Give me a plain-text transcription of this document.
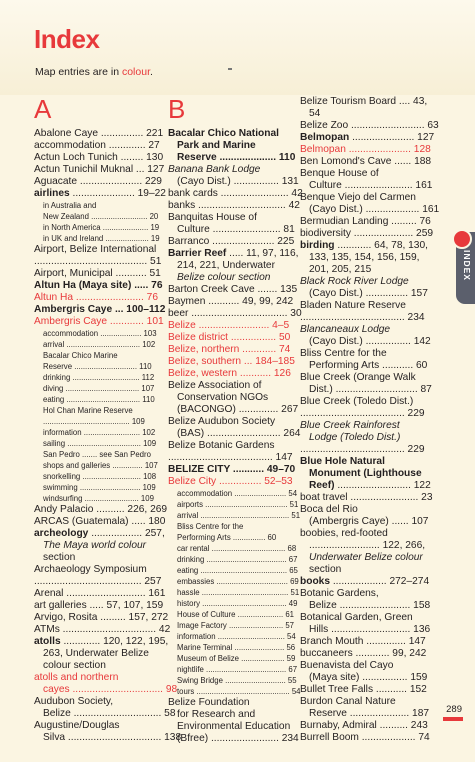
Index
Map entries are in colour.
A
Abalone Caye ............... 221
accommodation ............. 27
Actun Loch Tunich ........ 130
Actun Tunichil Muknal ... 127
Aguacate ...................... 229
airlines ...................... 19–22
in Australia and
New Zealand .......................... 20
in North America ..................... 19
in UK and Ireland .................... 19
Airport, Belize International
........................................ 51
Airport, Municipal ........... 51
Altun Ha (Maya site) ..... 76
Altun Ha ........................ 76
Ambergris Caye ... 100–112
Ambergris Caye ............ 101
accommodation ................... 103
arrival .................................. 102
Bacalar Chico Marine
Reserve ............................. 110
drinking ............................... 112
diving .................................. 107
eating .................................. 110
Hol Chan Marine Reserve
........................................ 109
information .......................... 102
sailing .................................. 109
San Pedro ....... see San Pedro
shops and galleries .............. 107
snorkelling ........................... 108
swimming ............................ 109
windsurfing ......................... 109
Andy Palacio .......... 226, 269
ARCAS (Guatemala) ..... 180
archeology .................. 257,
The Maya world colour
section
Archaeology Symposium
...................................... 257
Arenal ............................ 161
art galleries ..... 57, 107, 159
Arvigo, Rosita ......... 157, 272
ATMs ................................. 42
atolls ............. 120, 122, 195,
263, Underwater Belize
colour section
atolls and northern
cayes ................................ 98
Audubon Society,
Belize ............................... 58
Augustine/Douglas
Silva ................................. 138
B
Bacalar Chico National
Park and Marine
Reserve .................... 110
Banana Bank Lodge
(Cayo Dist.) ................ 131
bank cards ........................ 42
banks ............................... 42
Banquitas House of
Culture ........................ 81
Barranco ...................... 225
Barrier Reef ..... 11, 97, 116,
214, 221, Underwater
Belize colour section
Barton Creek Cave ....... 135
Baymen ........... 49, 99, 242
beer .................................. 30
Belize ......................... 4–5
Belize district ................ 50
Belize, northern ............ 74
Belize, southern ... 184–185
Belize, western ........... 126
Belize Association of
Conservation NGOs
(BACONGO) .............. 267
Belize Audubon Society
(BAS) .......................... 264
Belize Botanic Gardens
..................................... 147
BELIZE CITY ........... 49–70
Belize City ............... 52–53
accommodation ........................ 54
airports ...................................... 51
arrival ......................................... 51
Bliss Centre for the
Performing Arts ............... 60
car rental .................................. 68
drinking ..................................... 67
eating ........................................ 65
embassies ................................. 69
hassle ........................................ 51
history ....................................... 49
House of Culture ..................... 61
Image Factory ......................... 57
information ............................... 54
Marine Terminal ....................... 56
Museum of Belize .................... 59
nightlife ..................................... 67
Swing Bridge ............................ 55
tours ........................................... 54
Belize Foundation
for Research and
Environmental Education
(Bfree) ........................ 234
Belize Tourism Board .... 43,
54
Belize Zoo .......................... 63
Belmopan ...................... 127
Belmopan ...................... 128
Ben Lomond's Cave ...... 188
Benque House of
Culture ........................ 161
Benque Viejo del Carmen
(Cayo Dist.) ................... 161
Bermudian Landing ......... 76
biodiversity ..................... 259
birding ............ 64, 78, 130,
133, 135, 154, 156, 159,
201, 205, 215
Black Rock River Lodge
(Cayo Dist.) ............... 157
Bladen Nature Reserve
..................................... 234
Blancaneaux Lodge
(Cayo Dist.) ................ 142
Bliss Centre for the
Performing Arts ........... 60
Blue Creek (Orange Walk
Dist.) ............................. 87
Blue Creek (Toledo Dist.)
..................................... 229
Blue Creek Rainforest
Lodge (Toledo Dist.)
..................................... 229
Blue Hole Natural
Monument (Lighthouse
Reef) .......................... 122
boat travel ........................ 23
Boca del Rio
(Ambergris Caye) ...... 107
boobies, red-footed
......................... 122, 266,
Underwater Belize colour
section
books ................... 272–274
Botanic Gardens,
Belize ......................... 158
Botanical Garden, Green
Hills ............................ 136
Branch Mouth .............. 147
buccaneers ............ 99, 242
Buenavista del Cayo
(Maya site) ................ 159
Bullet Tree Falls ........... 152
Burdon Canal Nature
Reserve ..................... 187
Burnaby, Admiral .......... 243
Burrell Boom ................... 74
INDEX
289
